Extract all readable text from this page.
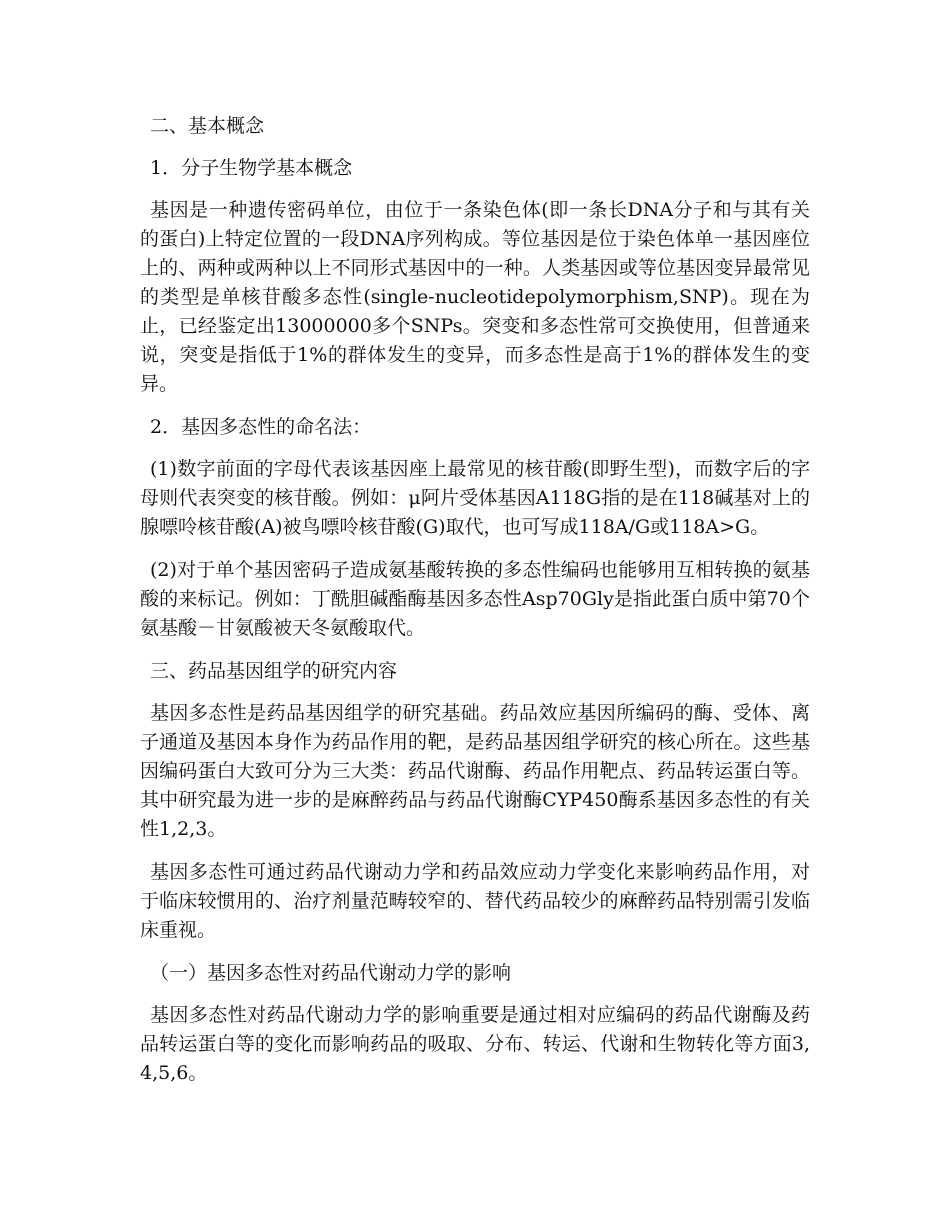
二、基本概念
1．分子生物学基本概念
基因是一种遗传密码单位，由位于一条染色体(即一条长DNA分子和与其有关的蛋白)上特定位置的一段DNA序列构成。等位基因是位于染色体单一基因座位上的、两种或两种以上不同形式基因中的一种。人类基因或等位基因变异最常见的类型是单核苷酸多态性(single-nucleotidepolymorphism,SNP)。现在为止，已经鉴定出13000000多个SNPs。突变和多态性常可交换使用，但普通来说，突变是指低于1%的群体发生的变异，而多态性是高于1%的群体发生的变异。
2．基因多态性的命名法：
(1)数字前面的字母代表该基因座上最常见的核苷酸(即野生型)，而数字后的字母则代表突变的核苷酸。例如：μ阿片受体基因A118G指的是在118碱基对上的腺嘌呤核苷酸(A)被鸟嘌呤核苷酸(G)取代，也可写成118A/G或118A>G。
(2)对于单个基因密码子造成氨基酸转换的多态性编码也能够用互相转换的氨基酸的来标记。例如：丁酰胆碱酯酶基因多态性Asp70Gly是指此蛋白质中第70个氨基酸－甘氨酸被天冬氨酸取代。
三、药品基因组学的研究内容
基因多态性是药品基因组学的研究基础。药品效应基因所编码的酶、受体、离子通道及基因本身作为药品作用的靶，是药品基因组学研究的核心所在。这些基因编码蛋白大致可分为三大类：药品代谢酶、药品作用靶点、药品转运蛋白等。其中研究最为进一步的是麻醉药品与药品代谢酶CYP450酶系基因多态性的有关性1,2,3。
基因多态性可通过药品代谢动力学和药品效应动力学变化来影响药品作用，对于临床较惯用的、治疗剂量范畴较窄的、替代药品较少的麻醉药品特别需引发临床重视。
（一）基因多态性对药品代谢动力学的影响
基因多态性对药品代谢动力学的影响重要是通过相对应编码的药品代谢酶及药品转运蛋白等的变化而影响药品的吸取、分布、转运、代谢和生物转化等方面3,4,5,6。
